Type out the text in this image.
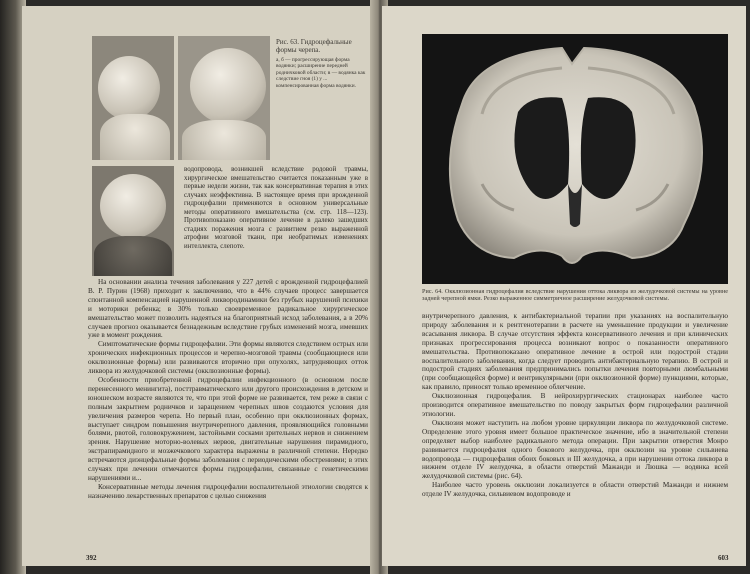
Рис. 63. Гидроцефальные формы черепа.
а, б — прогрессирующая форма водянки; расширение передней родничковой области; в — водянка как следствие гноя (1) у ... компенсированная форма водянки.

водопровода, возникшей вследствие родовой травмы, хирургическое вмешательство считается показанным уже в первые недели жизни, так как консервативная терапия в этих случаях неэффективна. В настоящее время при врожденной гидроцефалии применяются в основном универсальные методы оперативного вмешательства (см. стр. 118—123). Противопоказано оперативное лечение в далеко зашедших стадиях поражения мозга с развитием резко выраженной атрофии мозговой ткани, при необратимых изменениях интеллекта, слепоте.

На основании анализа течения заболевания у 227 детей с врожденной гидроцефалией В. Р. Пурин (1968) приходит к заключению, что в 44% случаев процесс завершается спонтанной компенсацией нарушенной ликвородинамики без грубых нарушений психики и моторики ребенка; в 30% только своевременное радикальное хирургическое вмешательство может позволить надеяться на благоприятный исход заболевания, а в 20% случаев прогноз оказывается безнадежным вследствие грубых изменений мозга, имевших уже в момент рождения.

Симптоматические формы гидроцефалии. Эти формы являются следствием острых или хронических инфекционных процессов и черепно-мозговой травмы (сообщающиеся или окклюзионные формы) или развиваются вторично при опухолях, затрудняющих отток ликвора из желудочковой системы (окклюзионные формы).

Особенности приобретенной гидроцефалии инфекционного (в основном после перенесенного менингита), посттравматического или другого происхождения в детском и юношеском возрасте являются те, что при этой форме не развивается, тем реже в связи с полным закрытием родничков и заращением черепных швов создаются условия для увеличения размеров черепа. Но первый план, особенно при окклюзионных формах, выступает синдром повышения внутричерепного давления, проявляющийся головными болями, рвотой, головокружением, застойными сосками зрительных нервов и снижением зрения. Нарушение моторно-волевых нервов, двигательные нарушения пирамидного, экстрапирамидного и мозжечкового характера выражены в различной степени. Нередко встречаются диэнцефальные формы заболевания с периодическими обострениями; в этих случаях при лечении отмечаются формы гидроцефалии, связанные с генетическими нарушениями и...

Консервативные методы лечения гидроцефалии воспалительной этиологии сводятся к назначению лекарственных препаратов с целью снижения

392
Рис. 64. Окклюзионная гидроцефалия вследствие нарушения оттока ликвора из желудочковой системы на уровне задней черепной ямки. Резко выраженное симметричное расширение желудочковой системы.

внутричерепного давления, к антибактериальной терапии при указаниях на воспалительную природу заболевания и к рентгенотерапии в расчете на уменьшение продукции и увеличение всасывания ликвора. В случае отсутствия эффекта консервативного лечения и при клинических признаках прогрессирования процесса возникают вопрос о показанности оперативного вмешательства. Противопоказано оперативное лечение в острой или подострой стадии воспалительного заболевания, когда следует проводить антибактериальную терапию. В острой и подострой стадиях заболевания предпринимались попытки лечения повторными люмбальными (при сообщающейся форме) и вентрикулярными (при окклюзионной форме) пункциями, которые, как правило, приносят только временное облегчение.

Окклюзионная гидроцефалия. В нейрохирургических стационарах наиболее часто производится оперативное вмешательство по поводу закрытых форм гидроцефалии различной этиологии.

Окклюзия может наступить на любом уровне циркуляции ликвора по желудочковой системе. Определение этого уровня имеет большое практическое значение, ибо в значительной степени определяет выбор наиболее радикального метода операции. При закрытии отверстия Монро развивается гидроцефалия одного бокового желудочка, при окклюзии на уровне сильвиева водопровода — гидроцефалия обоих боковых и III желудочка, а при нарушении оттока ликвора в нижнем отделе IV желудочка, в области отверстий Мажанди и Люшка — водянка всей желудочковой системы (рис. 64).

Наиболее часто уровень окклюзии локализуется в области отверстий Мажанди и нижнем отделе IV желудочка, сильвиевом водопроводе и

603
